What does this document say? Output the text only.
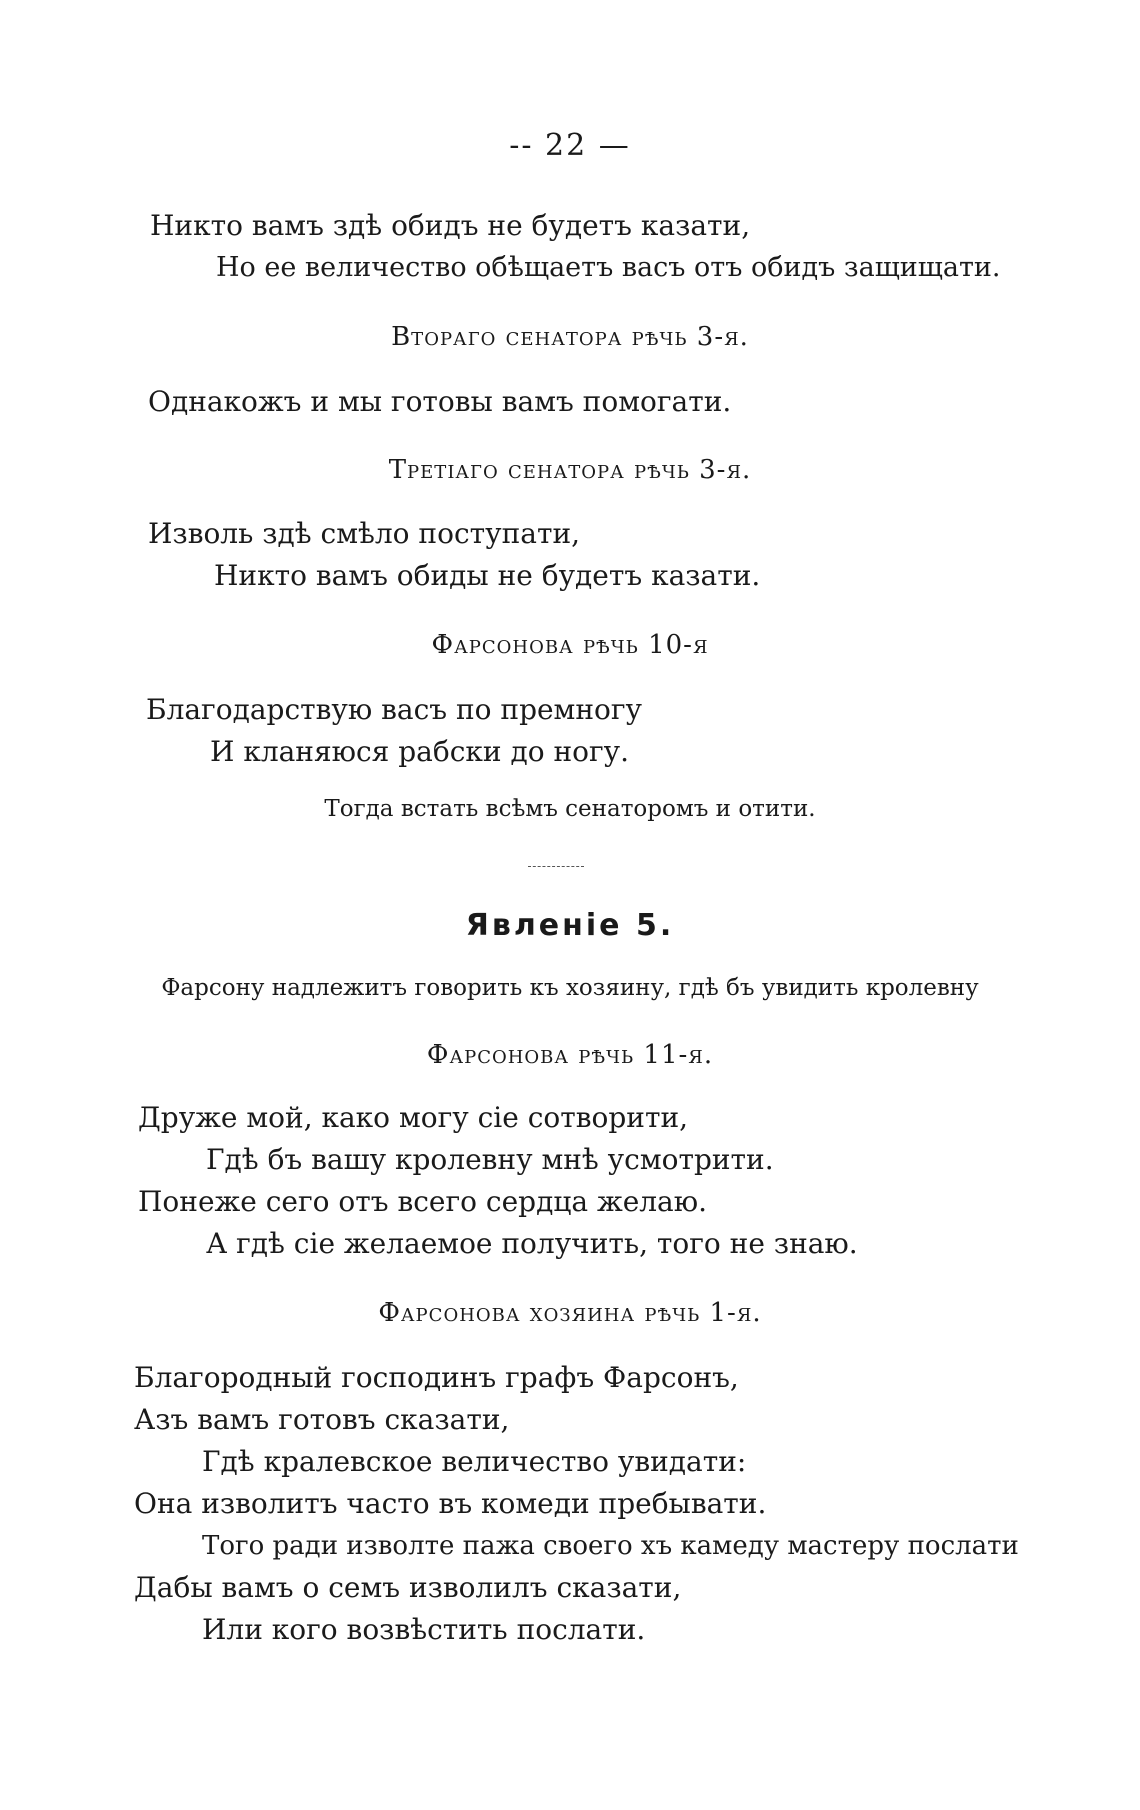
-- 22 —
Никто вамъ здѣ обидъ не будетъ казати,
Но ее величество обѣщаетъ васъ отъ обидъ защищати.
Втораго сенатора рѣчь 3-я.
Однакожъ и мы готовы вамъ помогати.
Третiаго сенатора рѣчь 3-я.
Изволь здѣ смѣло поступати,
Никто вамъ обиды не будетъ казати.
Фарсонова рѣчь 10-я
Благодарствую васъ по премногу
И кланяюся рабски до ногу.
Тогда встать всѣмъ сенаторомъ и отити.
Явленiе 5.
Фарсону надлежитъ говорить къ хозяину, гдѣ бъ увидить кролевну
Фарсонова рѣчь 11-я.
Друже мой, како могу сiе сотворити,
Гдѣ бъ вашу кролевну мнѣ усмотрити.
Понеже сего отъ всего сердца желаю.
А гдѣ сiе желаемое получить, того не знаю.
Фарсонова хозяина рѣчь 1-я.
Благородный господинъ графъ Фарсонъ,
Азъ вамъ готовъ сказати,
Гдѣ кралевское величество увидати:
Она изволитъ часто въ комеди пребывати.
Того ради изволте пажа своего хъ камеду мастеру послати
Дабы вамъ о семъ изволилъ сказати,
Или кого возвѣстить послати.
